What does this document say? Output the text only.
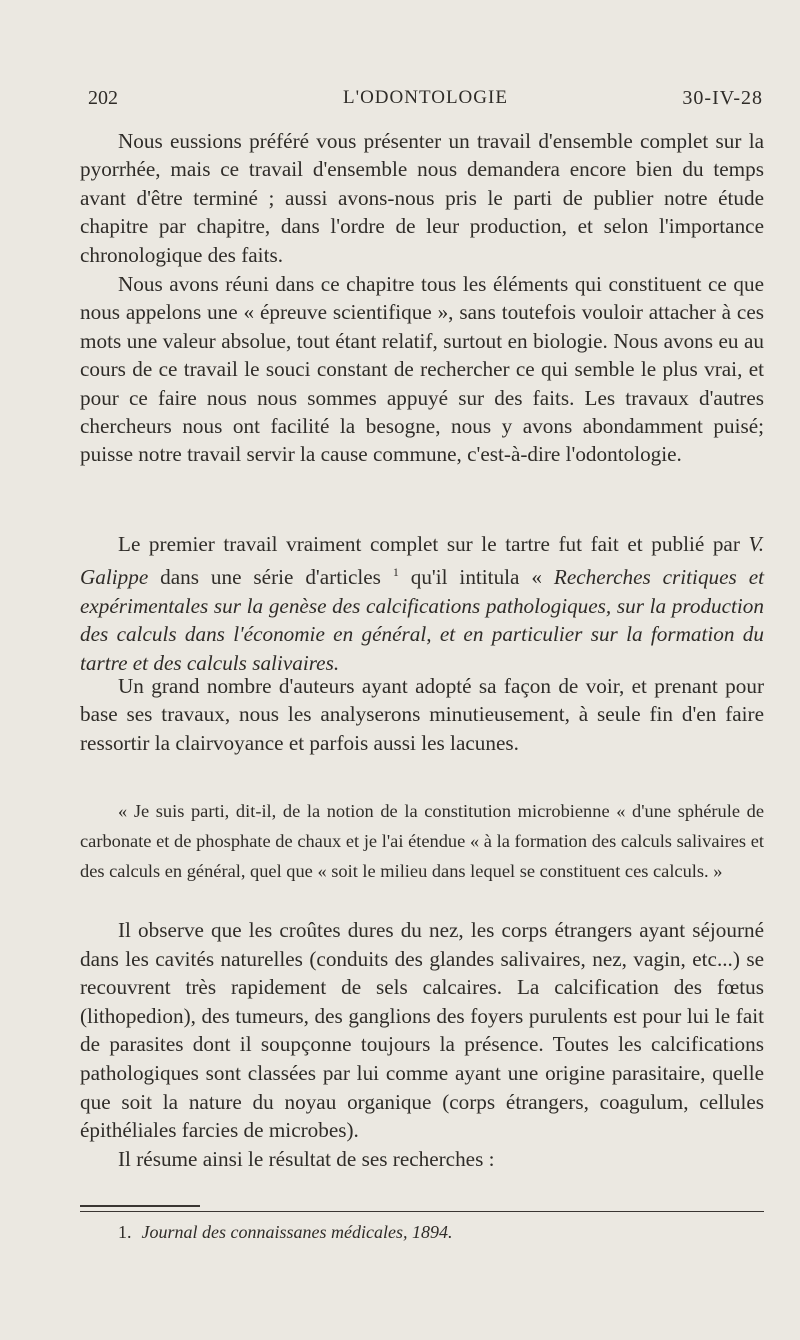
202	L'ODONTOLOGIE	30-IV-28

Nous eussions préféré vous présenter un travail d'ensemble complet sur la pyorrhée, mais ce travail d'ensemble nous demandera encore bien du temps avant d'être terminé ; aussi avons-nous pris le parti de publier notre étude chapitre par chapitre, dans l'ordre de leur production, et selon l'importance chronologique des faits.

Nous avons réuni dans ce chapitre tous les éléments qui constituent ce que nous appelons une « épreuve scientifique », sans toutefois vouloir attacher à ces mots une valeur absolue, tout étant relatif, surtout en biologie. Nous avons eu au cours de ce travail le souci constant de rechercher ce qui semble le plus vrai, et pour ce faire nous nous sommes appuyé sur des faits. Les travaux d'autres chercheurs nous ont facilité la besogne, nous y avons abondamment puisé; puisse notre travail servir la cause commune, c'est-à-dire l'odontologie.

Le premier travail vraiment complet sur le tartre fut fait et publié par V. Galippe dans une série d'articles $^1$ qu'il intitula « Recherches critiques et expérimentales sur la genèse des calcifications pathologiques, sur la production des calculs dans l'économie en général, et en particulier sur la formation du tartre et des calculs salivaires.

Un grand nombre d'auteurs ayant adopté sa façon de voir, et prenant pour base ses travaux, nous les analyserons minutieusement, à seule fin d'en faire ressortir la clairvoyance et parfois aussi les lacunes.

« Je suis parti, dit-il, de la notion de la constitution microbienne « d'une sphérule de carbonate et de phosphate de chaux et je l'ai étendue « à la formation des calculs salivaires et des calculs en général, quel que « soit le milieu dans lequel se constituent ces calculs. »

Il observe que les croûtes dures du nez, les corps étrangers ayant séjourné dans les cavités naturelles (conduits des glandes salivaires, nez, vagin, etc...) se recouvrent très rapidement de sels calcaires. La calcification des fœtus (lithopedion), des tumeurs, des ganglions des foyers purulents est pour lui le fait de parasites dont il soupçonne toujours la présence. Toutes les calcifications pathologiques sont classées par lui comme ayant une origine parasitaire, quelle que soit la nature du noyau organique (corps étrangers, coagulum, cellules épithéliales farcies de microbes).

Il résume ainsi le résultat de ses recherches :

1. Journal des connaissanes médicales, 1894.
